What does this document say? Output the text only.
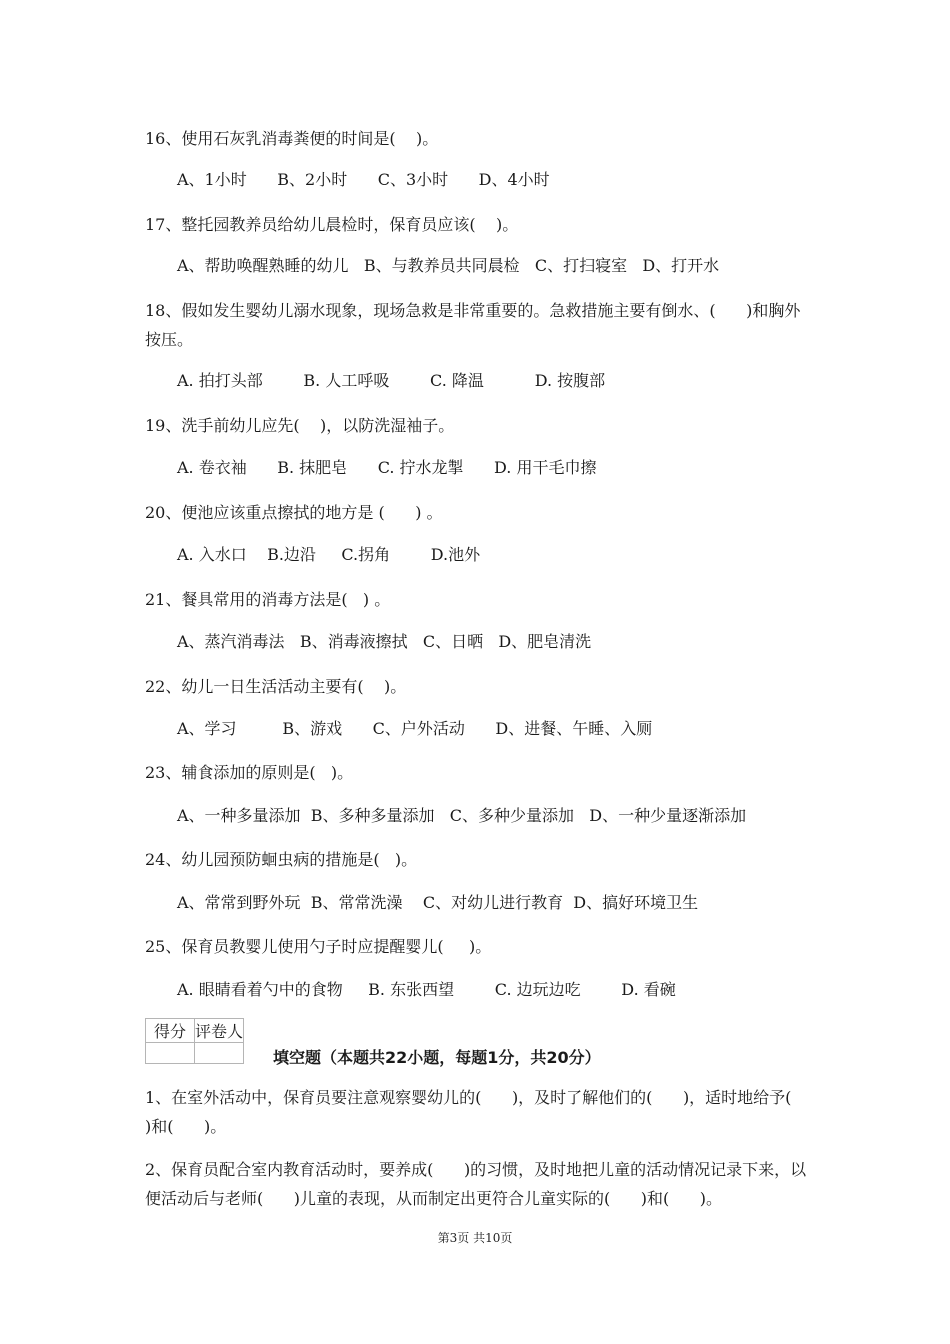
16、使用石灰乳消毒粪便的时间是(    )。
A、1小时      B、2小时      C、3小时      D、4小时
17、整托园教养员给幼儿晨检时，保育员应该(    )。
A、帮助唤醒熟睡的幼儿   B、与教养员共同晨检   C、打扫寝室   D、打开水
18、假如发生婴幼儿溺水现象，现场急救是非常重要的。急救措施主要有倒水、(      )和胸外按压。
A. 拍打头部        B. 人工呼吸        C. 降温          D. 按腹部
19、洗手前幼儿应先(    )，以防洗湿袖子。
A. 卷衣袖      B. 抹肥皂      C. 拧水龙掣      D. 用干毛巾擦
20、便池应该重点擦拭的地方是 (      ) 。
A. 入水口    B.边沿     C.拐角        D.池外
21、餐具常用的消毒方法是(   ) 。
A、蒸汽消毒法   B、消毒液擦拭   C、日晒   D、肥皂清洗
22、幼儿一日生活活动主要有(    )。
A、学习         B、游戏      C、户外活动      D、进餐、午睡、入厕
23、辅食添加的原则是(   )。
A、一种多量添加  B、多种多量添加   C、多种少量添加   D、一种少量逐渐添加
24、幼儿园预防蛔虫病的措施是(   )。
A、常常到野外玩  B、常常洗澡    C、对幼儿进行教育  D、搞好环境卫生
25、保育员教婴儿使用勺子时应提醒婴儿(     )。
A. 眼睛看着勺中的食物     B. 东张西望        C. 边玩边吃        D. 看碗
得分	评卷人

填空题（本题共22小题，每题1分，共20分）
1、在室外活动中，保育员要注意观察婴幼儿的(      )，及时了解他们的(      )，适时地给予(     )和(      )。
2、保育员配合室内教育活动时，要养成(      )的习惯，及时地把儿童的活动情况记录下来，以便活动后与老师(      )儿童的表现，从而制定出更符合儿童实际的(      )和(      )。
第3页 共10页
